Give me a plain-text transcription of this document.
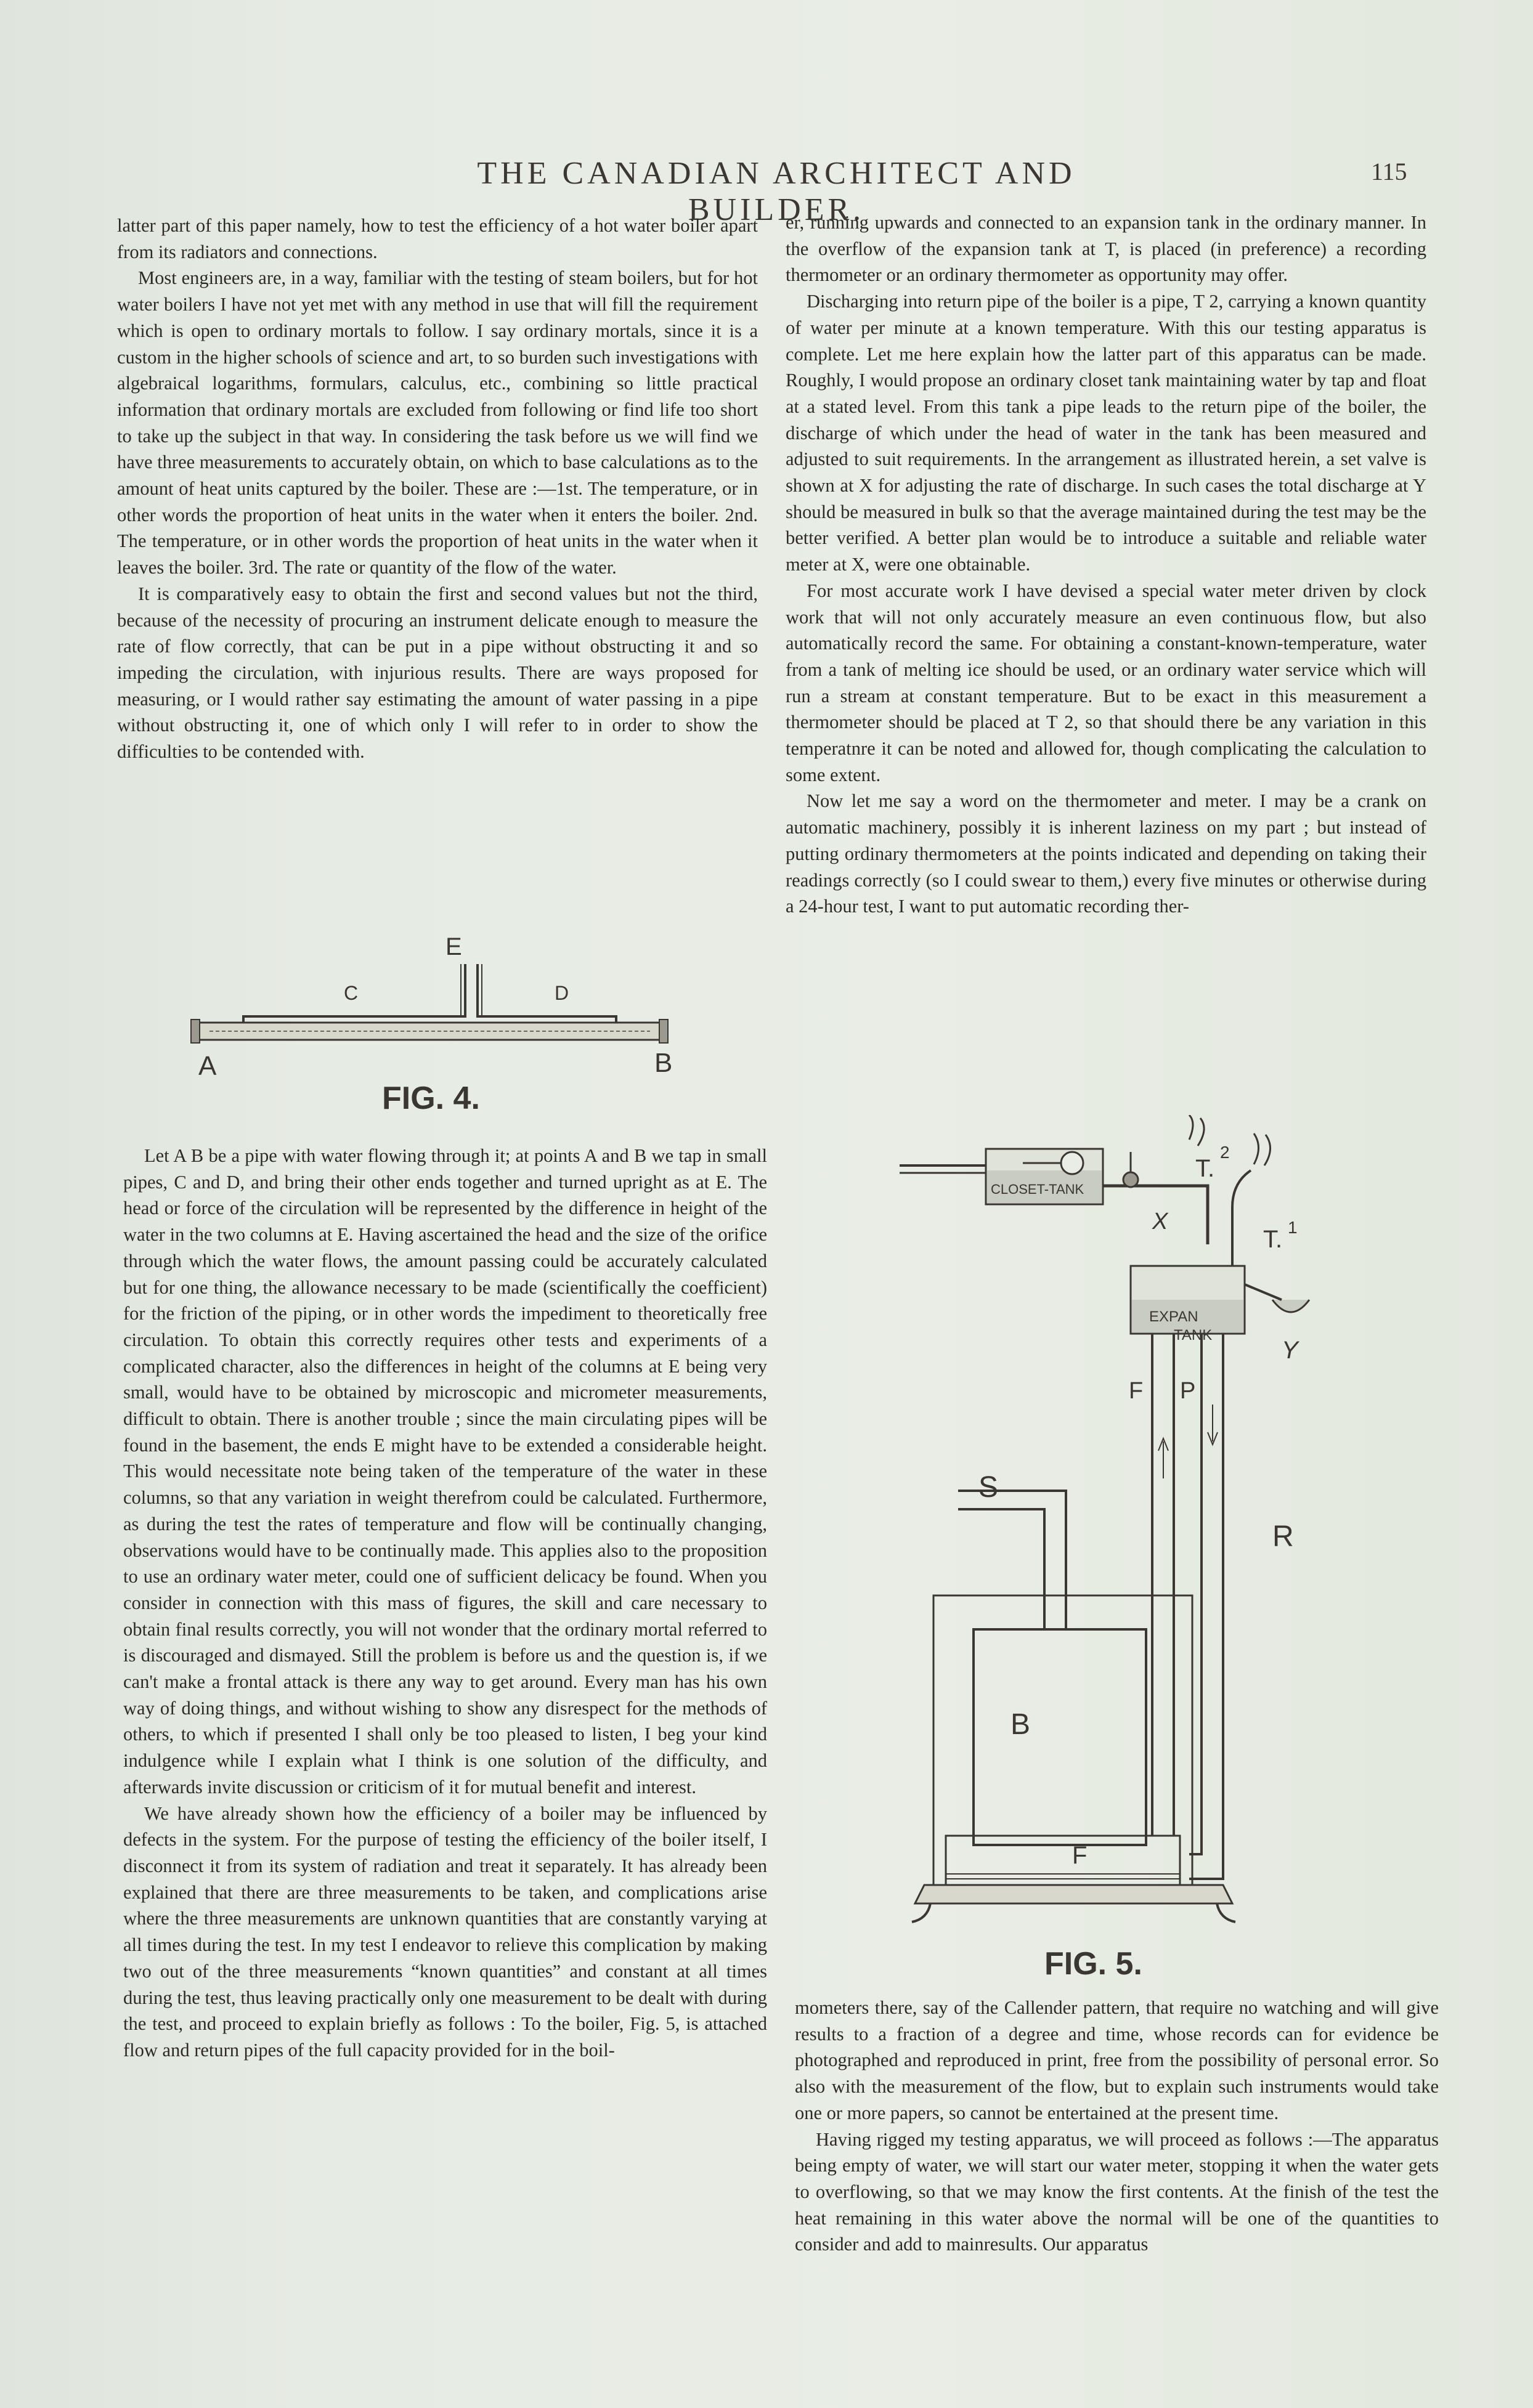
THE CANADIAN ARCHITECT AND BUILDER.
115

latter part of this paper namely, how to test the efficiency of a hot water boiler apart from its radiators and connections.

Most engineers are, in a way, familiar with the testing of steam boilers, but for hot water boilers I have not yet met with any method in use that will fill the requirement which is open to ordinary mortals to follow. I say ordinary mortals, since it is a custom in the higher schools of science and art, to so burden such investigations with algebraical logarithms, formulars, calculus, etc., combining so little practical information that ordinary mortals are excluded from following or find life too short to take up the subject in that way. In considering the task before us we will find we have three measurements to accurately obtain, on which to base calculations as to the amount of heat units captured by the boiler. These are :—1st. The temperature, or in other words the proportion of heat units in the water when it enters the boiler. 2nd. The temperature, or in other words the proportion of heat units in the water when it leaves the boiler. 3rd. The rate or quantity of the flow of the water.

It is comparatively easy to obtain the first and second values but not the third, because of the necessity of procuring an instrument delicate enough to measure the rate of flow correctly, that can be put in a pipe without obstructing it and so impeding the circulation, with injurious results. There are ways proposed for measuring, or I would rather say estimating the amount of water passing in a pipe without obstructing it, one of which only I will refer to in order to show the difficulties to be contended with.

E
C	D
A	B
FIG. 4.

Let A B be a pipe with water flowing through it; at points A and B we tap in small pipes, C and D, and bring their other ends together and turned upright as at E. The head or force of the circulation will be represented by the difference in height of the water in the two columns at E. Having ascertained the head and the size of the orifice through which the water flows, the amount passing could be accurately calculated but for one thing, the allowance necessary to be made (scientifically the coefficient) for the friction of the piping, or in other words the impediment to theoretically free circulation. To obtain this correctly requires other tests and experiments of a complicated character, also the differences in height of the columns at E being very small, would have to be obtained by microscopic and micrometer measurements, difficult to obtain. There is another trouble ; since the main circulating pipes will be found in the basement, the ends E might have to be extended a considerable height. This would necessitate note being taken of the temperature of the water in these columns, so that any variation in weight therefrom could be calculated. Furthermore, as during the test the rates of temperature and flow will be continually changing, observations would have to be continually made. This applies also to the proposition to use an ordinary water meter, could one of sufficient delicacy be found. When you consider in connection with this mass of figures, the skill and care necessary to obtain final results correctly, you will not wonder that the ordinary mortal referred to is discouraged and dismayed. Still the problem is before us and the question is, if we can't make a frontal attack is there any way to get around. Every man has his own way of doing things, and without wishing to show any disrespect for the methods of others, to which if presented I shall only be too pleased to listen, I beg your kind indulgence while I explain what I think is one solution of the difficulty, and afterwards invite discussion or criticism of it for mutual benefit and interest.

We have already shown how the efficiency of a boiler may be influenced by defects in the system. For the purpose of testing the efficiency of the boiler itself, I disconnect it from its system of radiation and treat it separately. It has already been explained that there are three measurements to be taken, and complications arise where the three measurements are unknown quantities that are constantly varying at all times during the test. In my test I endeavor to relieve this complication by making two out of the three measurements “known quantities” and constant at all times during the test, thus leaving practically only one measurement to be dealt with during the test, and proceed to explain briefly as follows : To the boiler, Fig. 5, is attached flow and return pipes of the full capacity provided for in the boil-

er, running upwards and connected to an expansion tank in the ordinary manner. In the overflow of the expansion tank at T, is placed (in preference) a recording thermometer or an ordinary thermometer as opportunity may offer.

Discharging into return pipe of the boiler is a pipe, T 2, carrying a known quantity of water per minute at a known temperature. With this our testing apparatus is complete. Let me here explain how the latter part of this apparatus can be made. Roughly, I would propose an ordinary closet tank maintaining water by tap and float at a stated level. From this tank a pipe leads to the return pipe of the boiler, the discharge of which under the head of water in the tank has been measured and adjusted to suit requirements. In the arrangement as illustrated herein, a set valve is shown at X for adjusting the rate of discharge. In such cases the total discharge at Y should be measured in bulk so that the average maintained during the test may be the better verified. A better plan would be to introduce a suitable and reliable water meter at X, were one obtainable.

For most accurate work I have devised a special water meter driven by clock work that will not only accurately measure an even continuous flow, but also automatically record the same. For obtaining a constant-known-temperature, water from a tank of melting ice should be used, or an ordinary water service which will run a stream at constant temperature. But to be exact in this measurement a thermometer should be placed at T 2, so that should there be any variation in this temperatnre it can be noted and allowed for, though complicating the calculation to some extent.

Now let me say a word on the thermometer and meter. I may be a crank on automatic machinery, possibly it is inherent laziness on my part ; but instead of putting ordinary thermometers at the points indicated and depending on taking their readings correctly (so I could swear to them,) every five minutes or otherwise during a 24-hour test, I want to put automatic recording ther-

CLOSET-TANK
X
T.
2
T. 1
EXPAN
TANK
Y
F P
S
R
B
F
FIG. 5.

mometers there, say of the Callender pattern, that require no watching and will give results to a fraction of a degree and time, whose records can for evidence be photographed and reproduced in print, free from the possibility of personal error. So also with the measurement of the flow, but to explain such instruments would take one or more papers, so cannot be entertained at the present time.

Having rigged my testing apparatus, we will proceed as follows :—The apparatus being empty of water, we will start our water meter, stopping it when the water gets to overflowing, so that we may know the first contents. At the finish of the test the heat remaining in this water above the normal will be one of the quantities to consider and add to mainresults. Our apparatus
